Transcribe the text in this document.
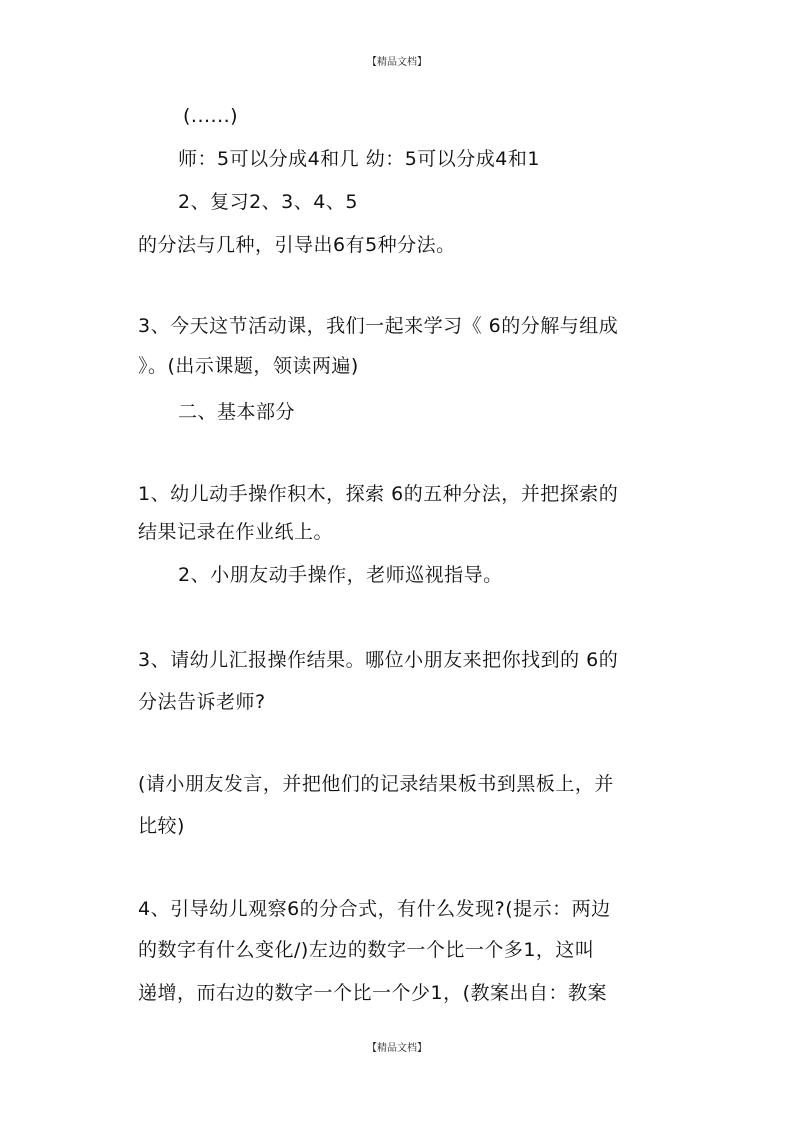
【精品文档】
(......)
师：5可以分成4和几 幼：5可以分成4和1
2、复习2、3、4、5
的分法与几种，引导出6有5种分法。
3、今天这节活动课，我们一起来学习《 6的分解与组成
》。(出示课题，领读两遍)
二、基本部分
1、幼儿动手操作积木，探索 6的五种分法，并把探索的
结果记录在作业纸上。
2、小朋友动手操作，老师巡视指导。
3、请幼儿汇报操作结果。哪位小朋友来把你找到的 6的
分法告诉老师?
(请小朋友发言，并把他们的记录结果板书到黑板上，并
比较)
4、引导幼儿观察6的分合式，有什么发现?(提示：两边
的数字有什么变化/)左边的数字一个比一个多1，这叫
递增，而右边的数字一个比一个少1，(教案出自：教案
【精品文档】
